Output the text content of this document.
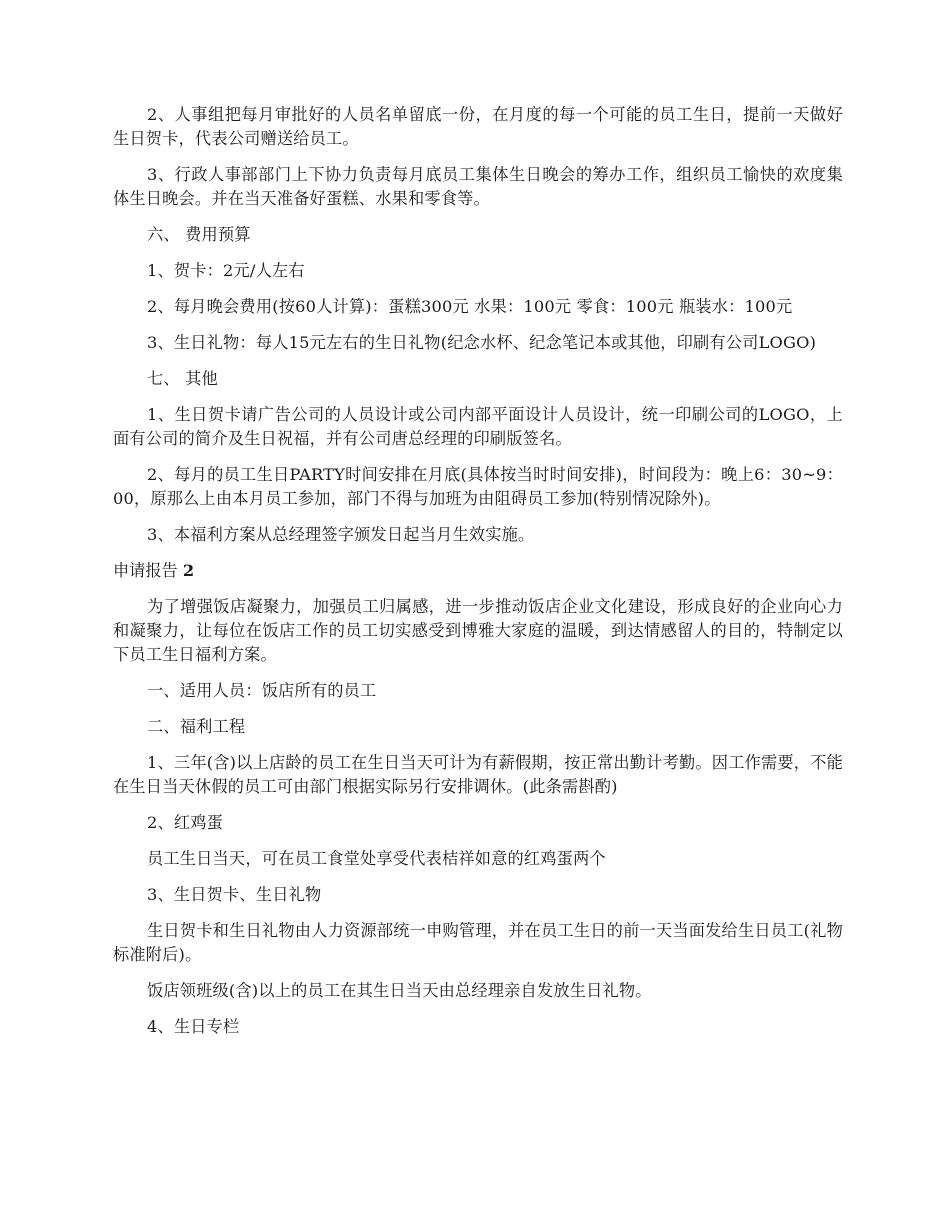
2、人事组把每月审批好的人员名单留底一份，在月度的每一个可能的员工生日，提前一天做好生日贺卡，代表公司赠送给员工。

3、行政人事部部门上下协力负责每月底员工集体生日晚会的筹办工作，组织员工愉快的欢度集体生日晚会。并在当天准备好蛋糕、水果和零食等。

六、 费用预算

1、贺卡：2元/人左右

2、每月晚会费用(按60人计算)：蛋糕300元 水果：100元 零食：100元 瓶装水：100元

3、生日礼物：每人15元左右的生日礼物(纪念水杯、纪念笔记本或其他，印刷有公司LOGO)

七、 其他

1、生日贺卡请广告公司的人员设计或公司内部平面设计人员设计，统一印刷公司的LOGO，上面有公司的简介及生日祝福，并有公司唐总经理的印刷版签名。

2、每月的员工生日PARTY时间安排在月底(具体按当时时间安排)，时间段为：晚上6：30~9：00，原那么上由本月员工参加，部门不得与加班为由阻碍员工参加(特别情况除外)。

3、本福利方案从总经理签字颁发日起当月生效实施。

申请报告 2

为了增强饭店凝聚力，加强员工归属感，进一步推动饭店企业文化建设，形成良好的企业向心力和凝聚力，让每位在饭店工作的员工切实感受到博雅大家庭的温暖，到达情感留人的目的，特制定以下员工生日福利方案。

一、适用人员：饭店所有的员工

二、福利工程

1、三年(含)以上店龄的员工在生日当天可计为有薪假期，按正常出勤计考勤。因工作需要，不能在生日当天休假的员工可由部门根据实际另行安排调休。(此条需斟酌)

2、红鸡蛋

员工生日当天，可在员工食堂处享受代表桔祥如意的红鸡蛋两个

3、生日贺卡、生日礼物

生日贺卡和生日礼物由人力资源部统一申购管理，并在员工生日的前一天当面发给生日员工(礼物标准附后)。

饭店领班级(含)以上的员工在其生日当天由总经理亲自发放生日礼物。

4、生日专栏
